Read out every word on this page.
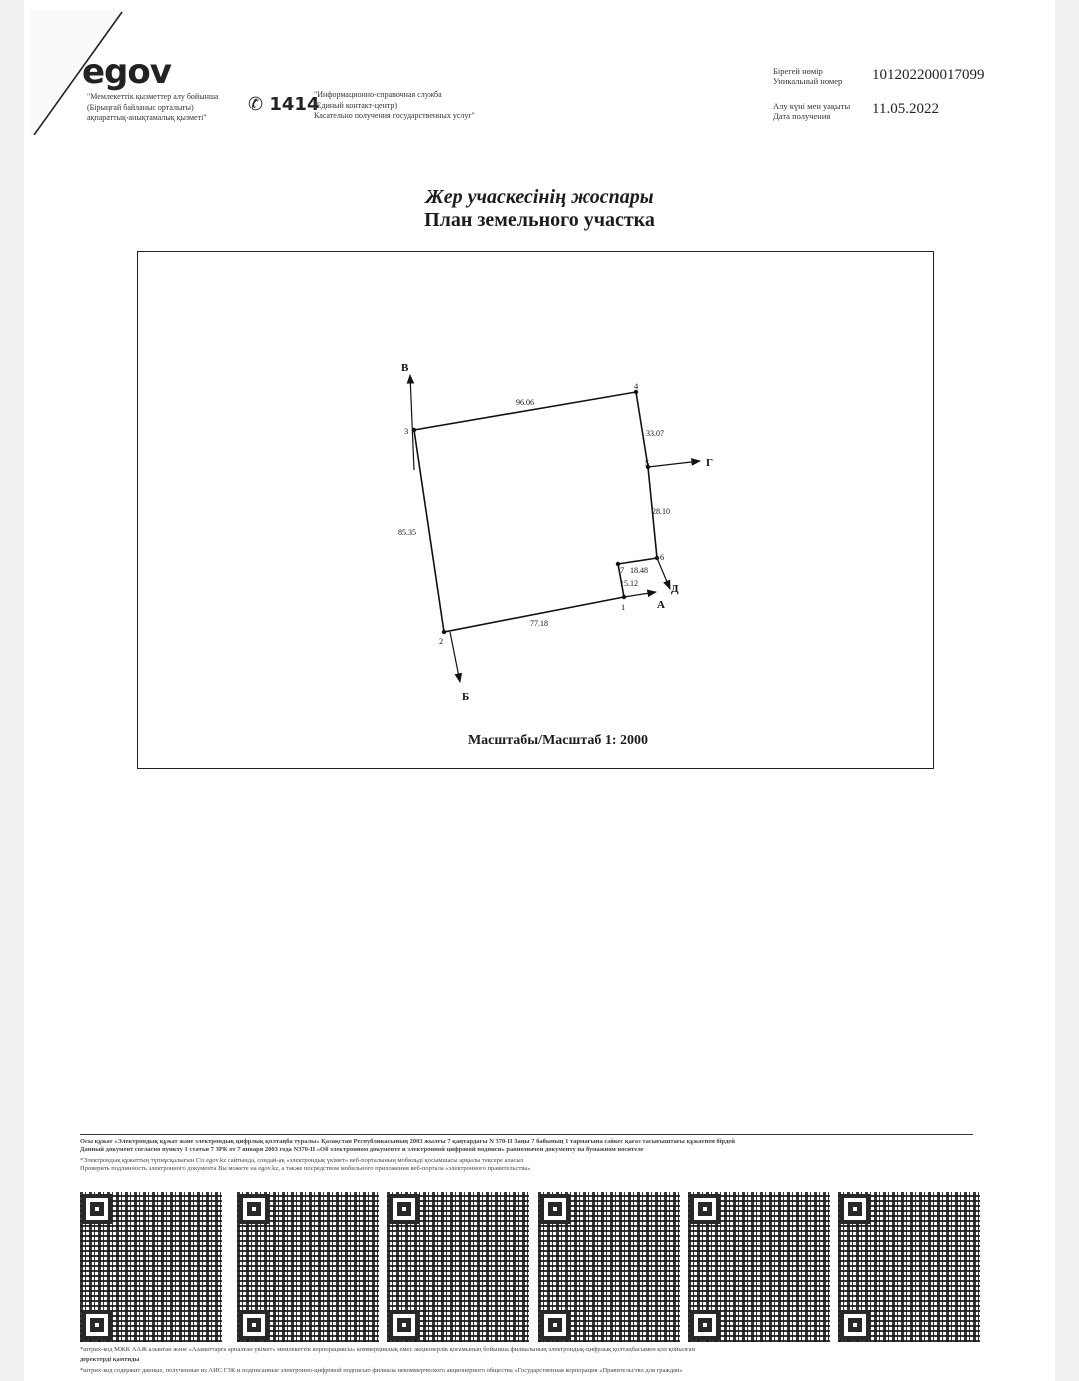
egov
"Мемлекеттік қызметтер алу бойынша
(Бірыңғай байланыс орталығы)
ақпараттық-анықтамалық қызметі"
✆ 1414
"Информационно-справочная служба
(Единый контакт-центр)
Касательно получения государственных услуг"
Бірегей нөмір
Уникальный номер 101202200017099
Алу күні мен уақыты
Дата получения	11.05.2022
Жер учаскесінің жоспары
План земельного участка
1
2
3
4
5
6
7
А
Б
В
Г
Д
77.18
85.35
96.06
33.07
28.10
18.48
15.12
Масштабы/Масштаб 1: 2000
Осы құжат «Электрондық құжат және электрондық цифрлық қолтаңба туралы» Қазақстан Республикасының 2003 жылғы 7 қаңтардағы N 370-II Заңы 7 бабының 1 тармағына сәйкес қағаз тасығыштағы құжатпен бірдей
Данный документ согласно пункту 1 статьи 7 ЗРК от 7 января 2003 года N370-II «Об электронном документе и электронной цифровой подписи» равнозначен документу на бумажном носителе
*Электрондық құжаттың түпнұсқалығын Сіз egov.kz сайтында, сондай-ақ «электрондық үкімет» веб-порталының мобильді қосымшасы арқылы тексере аласыз
Проверить подлинность электронного документа Вы можете на egov.kz, а также посредством мобильного приложения веб-портала «электронного правительства»
*штрих-код МЖК ААЖ алынған және «Азаматтарға арналған үкімет» мемлекеттік корпорациясы» коммерциялық емес акционерлік қоғамының бойынша филиалының электрондық-цифрлық қолтаңбасымен қол қойылған
деректерді қамтиды
*штрих-код содержит данные, полученные из АИС ГЗК и подписанные электронно-цифровой подписью филиала некоммерческого акционерного общества «Государственная корпорация «Правительство для граждан»
